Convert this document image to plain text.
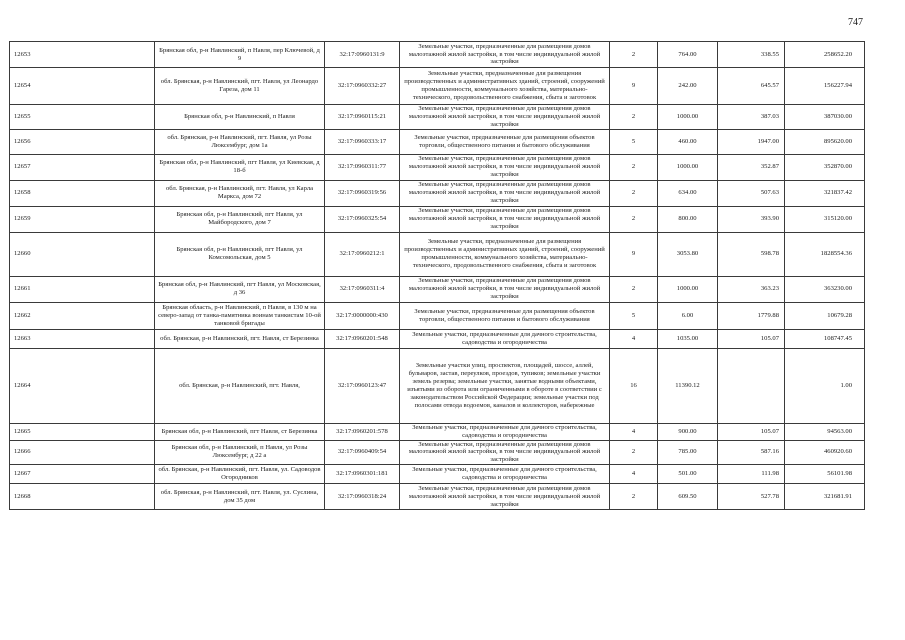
747
12653	Брянская обл, р-н Навлинский, п Навля, пер Ключевой, д 9	32:17:0960131:9	Земельные участки, предназначенные для размещения домов малоэтажной жилой застройки, в том числе индивидуальной жилой застройки	2	764.00	338.55	258652.20
12654	обл. Брянская, р-н Навлинский, пгт. Навля, ул Леонардо Гареза, дом 11	32:17:0960332:27	Земельные участки, предназначенные для размещения производственных и административных зданий, строений, сооружений промышленности, коммунального хозяйства, материально-технического, продовольственного снабжения, сбыта и заготовок	9	242.00	645.57	156227.94
12655	Брянская обл, р-н Навлинский, п Навля	32:17:0960115:21	Земельные участки, предназначенные для размещения домов малоэтажной жилой застройки, в том числе индивидуальной жилой застройки	2	1000.00	387.03	387030.00
12656	обл. Брянская, р-н Навлинский, пгт. Навля, ул Розы Люксембург, дом 1а	32:17:0960333:17	Земельные участки, предназначенные для размещения объектов торговли, общественного питания и бытового обслуживания	5	460.00	1947.00	895620.00
12657	Брянская обл, р-н Навлинский, пгт Навля, ул Киевская, д 18-б	32:17:0960311:77	Земельные участки, предназначенные для размещения домов малоэтажной жилой застройки, в том числе индивидуальной жилой застройки	2	1000.00	352.87	352870.00
12658	обл. Брянская, р-н Навлинский, пгт. Навля, ул Карла Маркса, дом 72	32:17:0960319:56	Земельные участки, предназначенные для размещения домов малоэтажной жилой застройки, в том числе индивидуальной жилой застройки	2	634.00	507.63	321837.42
12659	Брянская обл, р-н Навлинский, пгт Навля, ул Майбородского, дом 7	32:17:0960325:54	Земельные участки, предназначенные для размещения домов малоэтажной жилой застройки, в том числе индивидуальной жилой застройки	2	800.00	393.90	315120.00
12660	Брянская обл, р-н Навлинский, пгт Навля, ул Комсомольская, дом 5	32:17:0960212:1	Земельные участки, предназначенные для размещения производственных и административных зданий, строений, сооружений промышленности, коммунального хозяйства, материально-технического, продовольственного снабжения, сбыта и заготовок	9	3053.80	598.78	1828554.36
12661	Брянская обл, р-н Навлинский, пгт Навля, ул Московская, д 36	32:17:0960311:4	Земельные участки, предназначенные для размещения домов малоэтажной жилой застройки, в том числе индивидуальной жилой застройки	2	1000.00	363.23	363230.00
12662	Брянская область, р-н Навлинский, п Навля, в 130 м на северо-запад от танка-памятника воинам танкистам 10-ой танковой бригады	32:17:0000000:430	Земельные участки, предназначенные для размещения объектов торговли, общественного питания и бытового обслуживания	5	6.00	1779.88	10679.28
12663	обл. Брянская, р-н Навлинский, пгт. Навля, ст Березинка	32:17:0960201:548	Земельные участки, предназначенные для дачного строительства, садоводства и огородничества	4	1035.00	105.07	108747.45
12664	обл. Брянская, р-н Навлинский, пгт. Навля,	32:17:0960123:47	Земельные участки улиц, проспектов, площадей, шоссе, аллей, бульваров, застав, переулков, проездов, тупиков; земельные участки земель резерва; земельные участки, занятые водными объектами, изъятыми из оборота или ограниченными в обороте в соответствии с законодательством Российской Федерации; земельные участки под полосами отвода водоемов, каналов и коллекторов, набережные	16	11390.12		1.00
12665	Брянская обл, р-н Навлинский, пгт Навля, ст Березинка	32:17:0960201:578	Земельные участки, предназначенные для дачного строительства, садоводства и огородничества	4	900.00	105.07	94563.00
12666	Брянская обл, р-н Навлинский, п Навля, ул Розы Люксембург, д 22 а	32:17:0960409:54	Земельные участки, предназначенные для размещения домов малоэтажной жилой застройки, в том числе индивидуальной жилой застройки	2	785.00	587.16	460920.60
12667	обл. Брянская, р-н Навлинский, пгт. Навля, ул. Садоводов Огородников	32:17:0960301:181	Земельные участки, предназначенные для дачного строительства, садоводства и огородничества	4	501.00	111.98	56101.98
12668	обл. Брянская, р-н Навлинский, пгт. Навля, ул. Суслина, дом 35 дом	32:17:0960318:24	Земельные участки, предназначенные для размещения домов малоэтажной жилой застройки, в том числе индивидуальной жилой застройки	2	609.50	527.78	321681.91
